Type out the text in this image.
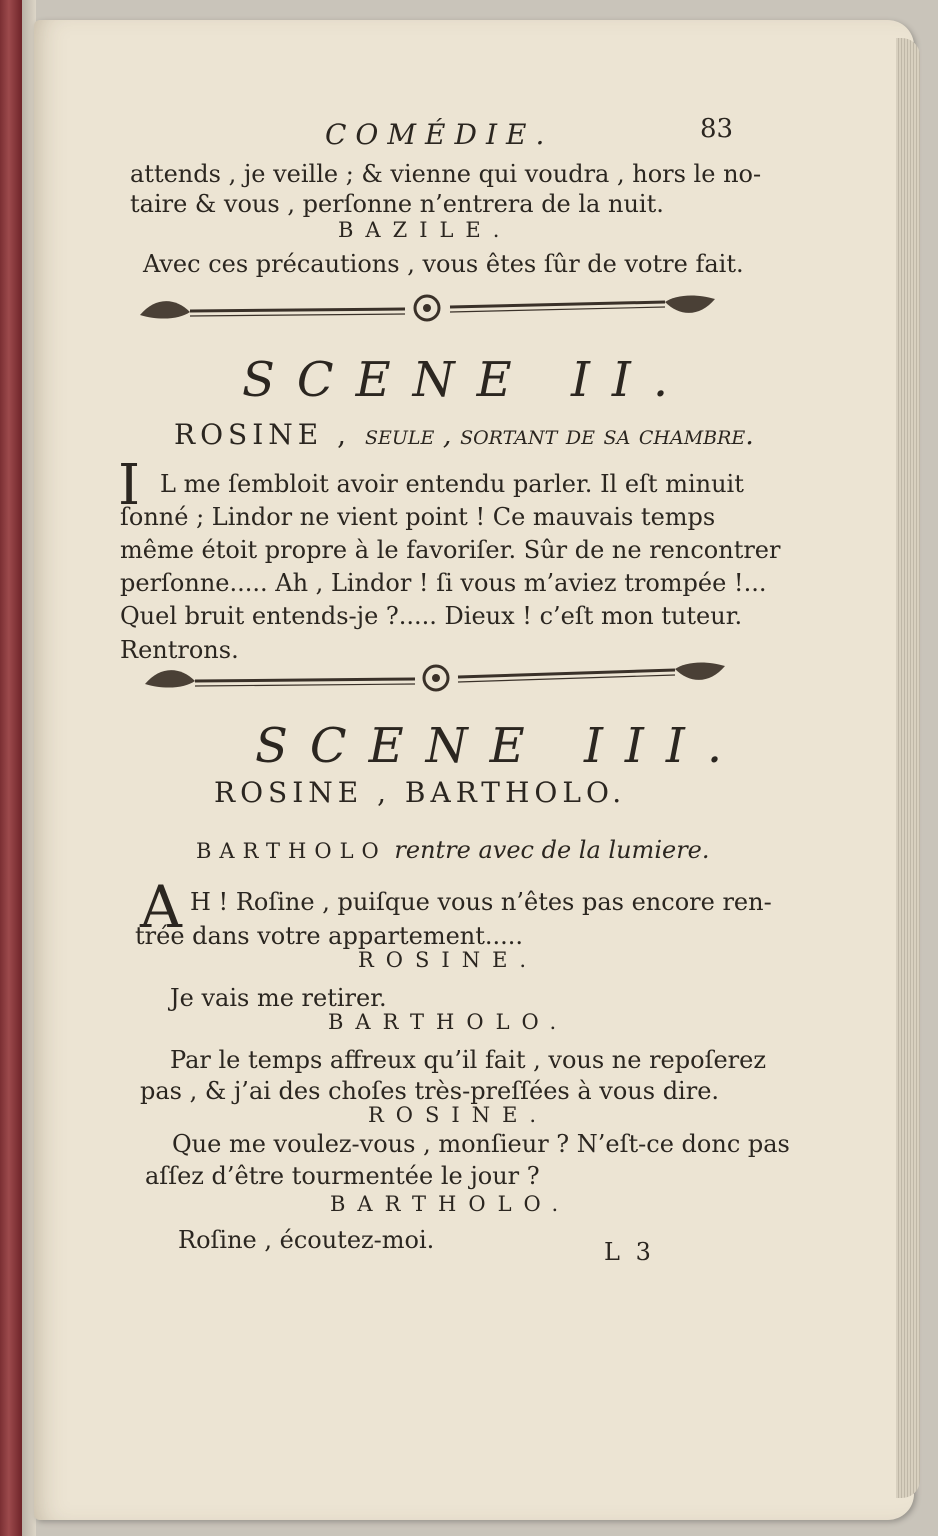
COMÉDIE.	83
attends , je veille ; & vienne qui voudra , hors le no-
taire & vous , perſonne n’entrera de la nuit.
BAZILE.
Avec ces précautions , vous êtes ſûr de votre fait.
SCENE II.
ROSINE , ſeule , ſortant de ſa chambre.
I L me ſembloit avoir entendu parler. Il eſt minuit
ſonné ; Lindor ne vient point ! Ce mauvais temps
même étoit propre à le favoriſer. Sûr de ne rencontrer
perſonne..... Ah , Lindor ! ſi vous m’aviez trompée !...
Quel bruit entends-je ?..... Dieux ! c’eſt mon tuteur.
Rentrons.
SCENE III.
ROSINE , BARTHOLO.
BARTHOLO rentre avec de la lumiere.
A H ! Roſine , puiſque vous n’êtes pas encore ren-
trée dans votre appartement.....
ROSINE.
Je vais me retirer.
BARTHOLO.
Par le temps affreux qu’il fait , vous ne repoſerez
pas , & j’ai des choſes très-preſſées à vous dire.
ROSINE.
Que me voulez-vous , monſieur ? N’eſt-ce donc pas
aſſez d’être tourmentée le jour ?
BARTHOLO.
Roſine , écoutez-moi.	L 3
